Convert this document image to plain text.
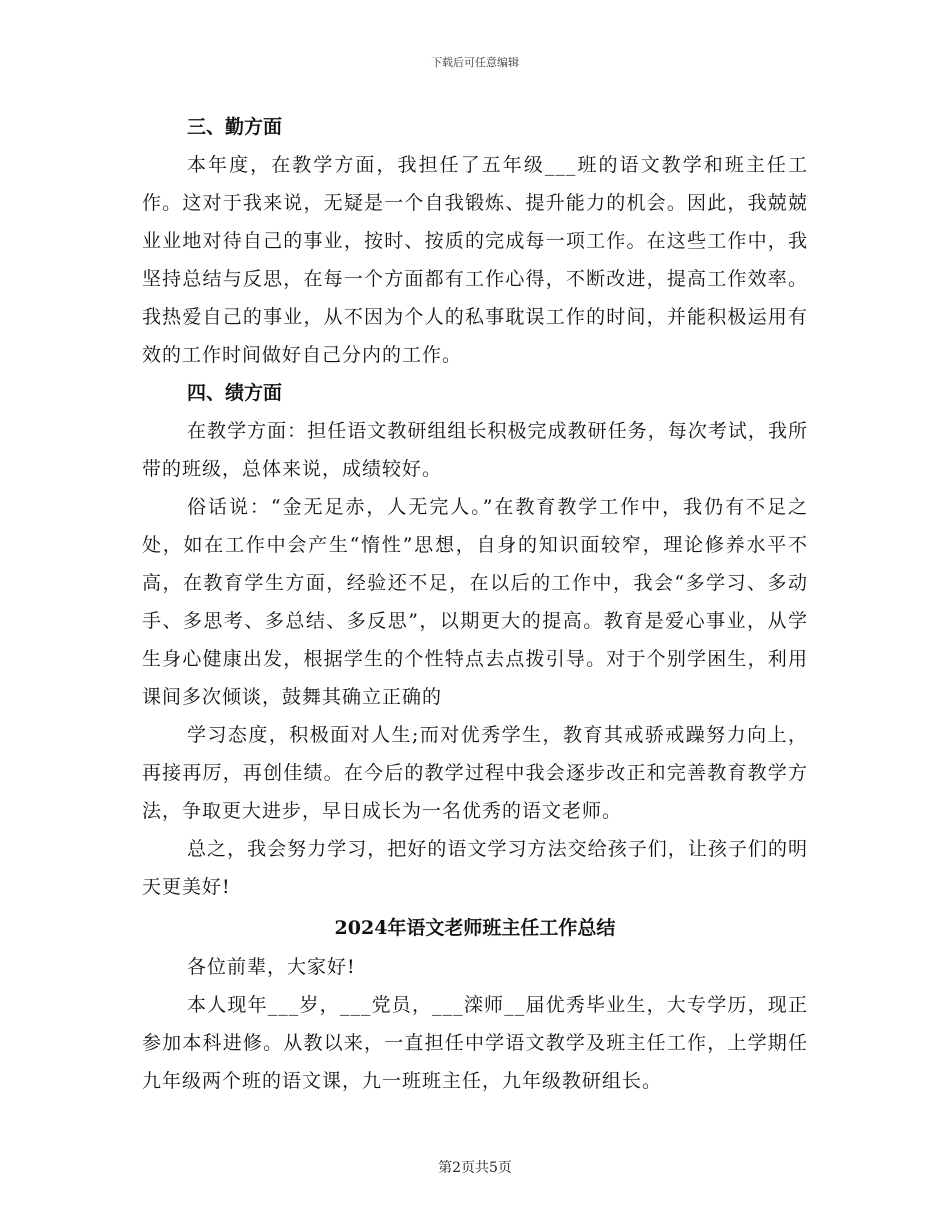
下载后可任意编辑
三、勤方面

本年度，在教学方面，我担任了五年级___班的语文教学和班主任工作。这对于我来说，无疑是一个自我锻炼、提升能力的机会。因此，我兢兢业业地对待自己的事业，按时、按质的完成每一项工作。在这些工作中，我坚持总结与反思，在每一个方面都有工作心得，不断改进，提高工作效率。我热爱自己的事业，从不因为个人的私事耽误工作的时间，并能积极运用有效的工作时间做好自己分内的工作。

四、绩方面

在教学方面：担任语文教研组组长积极完成教研任务，每次考试，我所带的班级，总体来说，成绩较好。

俗话说：“金无足赤，人无完人。”在教育教学工作中，我仍有不足之处，如在工作中会产生“惰性”思想，自身的知识面较窄，理论修养水平不高，在教育学生方面，经验还不足，在以后的工作中，我会“多学习、多动手、多思考、多总结、多反思”，以期更大的提高。教育是爱心事业，从学生身心健康出发，根据学生的个性特点去点拨引导。对于个别学困生，利用课间多次倾谈，鼓舞其确立正确的

学习态度，积极面对人生;而对优秀学生，教育其戒骄戒躁努力向上，再接再厉，再创佳绩。在今后的教学过程中我会逐步改正和完善教育教学方法，争取更大进步，早日成长为一名优秀的语文老师。

总之，我会努力学习，把好的语文学习方法交给孩子们，让孩子们的明天更美好!

2024年语文老师班主任工作总结

各位前辈，大家好!

本人现年___岁，___党员，___滦师__届优秀毕业生，大专学历，现正参加本科进修。从教以来，一直担任中学语文教学及班主任工作，上学期任九年级两个班的语文课，九一班班主任，九年级教研组长。

第2页共5页
